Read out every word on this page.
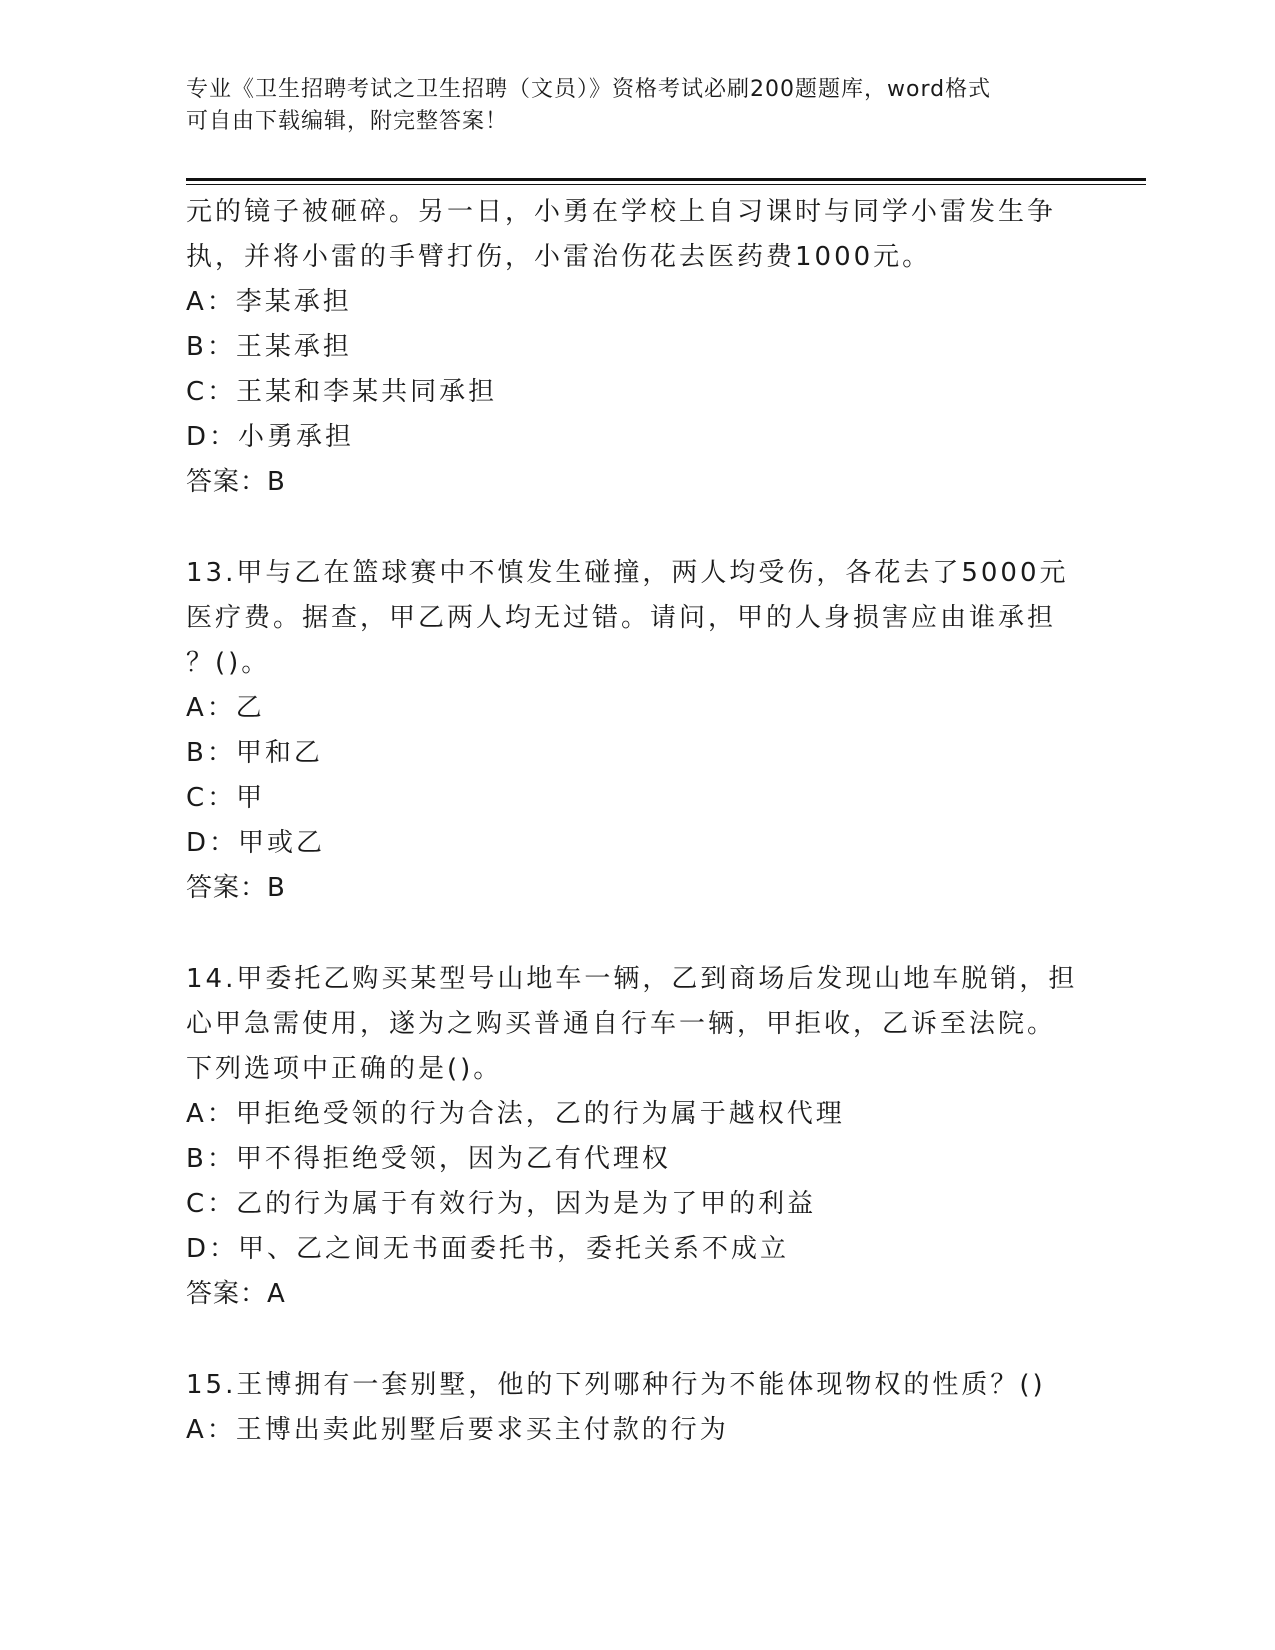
专业《卫生招聘考试之卫生招聘（文员）》资格考试必刷200题题库，word格式
可自由下载编辑，附完整答案！
元的镜子被砸碎。另一日，小勇在学校上自习课时与同学小雷发生争
执，并将小雷的手臂打伤，小雷治伤花去医药费1000元。
A：李某承担
B：王某承担
C：王某和李某共同承担
D：小勇承担
答案：B
13.甲与乙在篮球赛中不慎发生碰撞，两人均受伤，各花去了5000元
医疗费。据查，甲乙两人均无过错。请问，甲的人身损害应由谁承担
？()。
A：乙
B：甲和乙
C：甲
D：甲或乙
答案：B
14.甲委托乙购买某型号山地车一辆，乙到商场后发现山地车脱销，担
心甲急需使用，遂为之购买普通自行车一辆，甲拒收，乙诉至法院。
下列选项中正确的是()。
A：甲拒绝受领的行为合法，乙的行为属于越权代理
B：甲不得拒绝受领，因为乙有代理权
C：乙的行为属于有效行为，因为是为了甲的利益
D：甲、乙之间无书面委托书，委托关系不成立
答案：A
15.王博拥有一套别墅，他的下列哪种行为不能体现物权的性质？()
A：王博出卖此别墅后要求买主付款的行为
